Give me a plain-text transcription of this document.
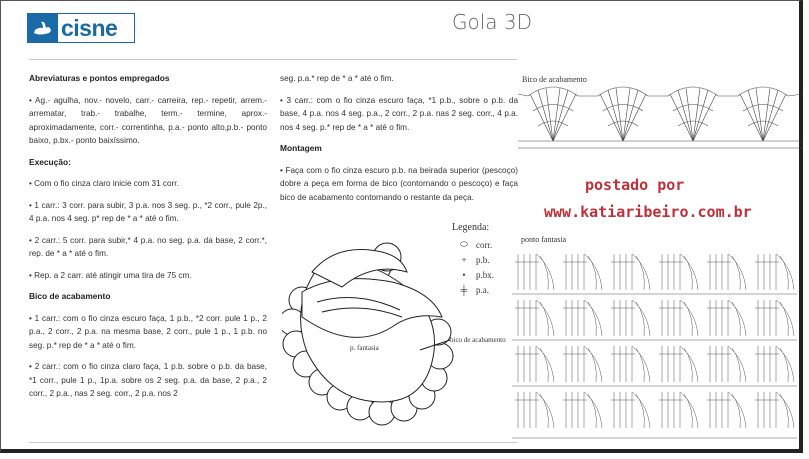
cisne	Gola 3D
Abreviaturas e pontos empregados

• Ag.- agulha, nov.- novelo, carr.- carreira, rep.- repetir, arrem.- arrematar, trab.- trabalhe, term.- termine, aprox.- aproximadamente, corr.- correntinha, p.a.- ponto alto,p.b.- ponto baixo, p.bx.- ponto baixíssimo.

Execução:

• Com o fio cinza claro inicie com 31 corr.

• 1 carr.: 3 corr. para subir, 3 p.a. nos 3 seg. p., *2 corr., pule 2p., 4 p.a. nos 4 seg. p* rep de * a * até o fim.

• 2 carr.: 5 corr. para subir,* 4 p.a. no seg. p.a. da base, 2 corr.*, rep. de * a * até o fim.

• Rep. a 2 carr. até atingir uma tira de 75 cm.

Bico de acabamento

• 1 carr.: com o fio cinza escuro faça, 1 p.b., *2 corr. pule 1 p., 2 p.a., 2 corr., 2 p.a. na mesma base, 2 corr., pule 1 p., 1 p.b. no seg. p.* rep de * a * até o fim.

• 2 carr.: com o fio cinza claro faça, 1 p.b. sobre o p.b. da base, *1 corr., pule 1 p., 1p.a. sobre os 2 seg. p.a. da base, 2 p.a., 2 corr., 2 p.a., nas 2 seg. corr., 2 p.a. nos 2

seg. p.a.* rep de * a * até o fim.

• 3 carr.: com o fio cinza escuro faça, *1 p.b., sobre o p.b. da base, 4 p.a. nos 4 seg. p.a., 2 corr., 2 p.a. nas 2 seg. corr., 4 p.a. nos 4 seg. p.* rep de * a * até o fim.

Montagem

• Faça com o fio cinza escuro p.b. na beirada superior (pescoço) dobre a peça em forma de bico (contornando o pescoço) e faça bico de acabamento contornando o restante da peça.

Bico de acabamento
postado por
www.katiaribeiro.com.br
Legenda:
⬭ corr.
+	p.b.
•	p.bx.
╪ p.a.
ponto fantasia
p. fantasia
bico de acabamento
